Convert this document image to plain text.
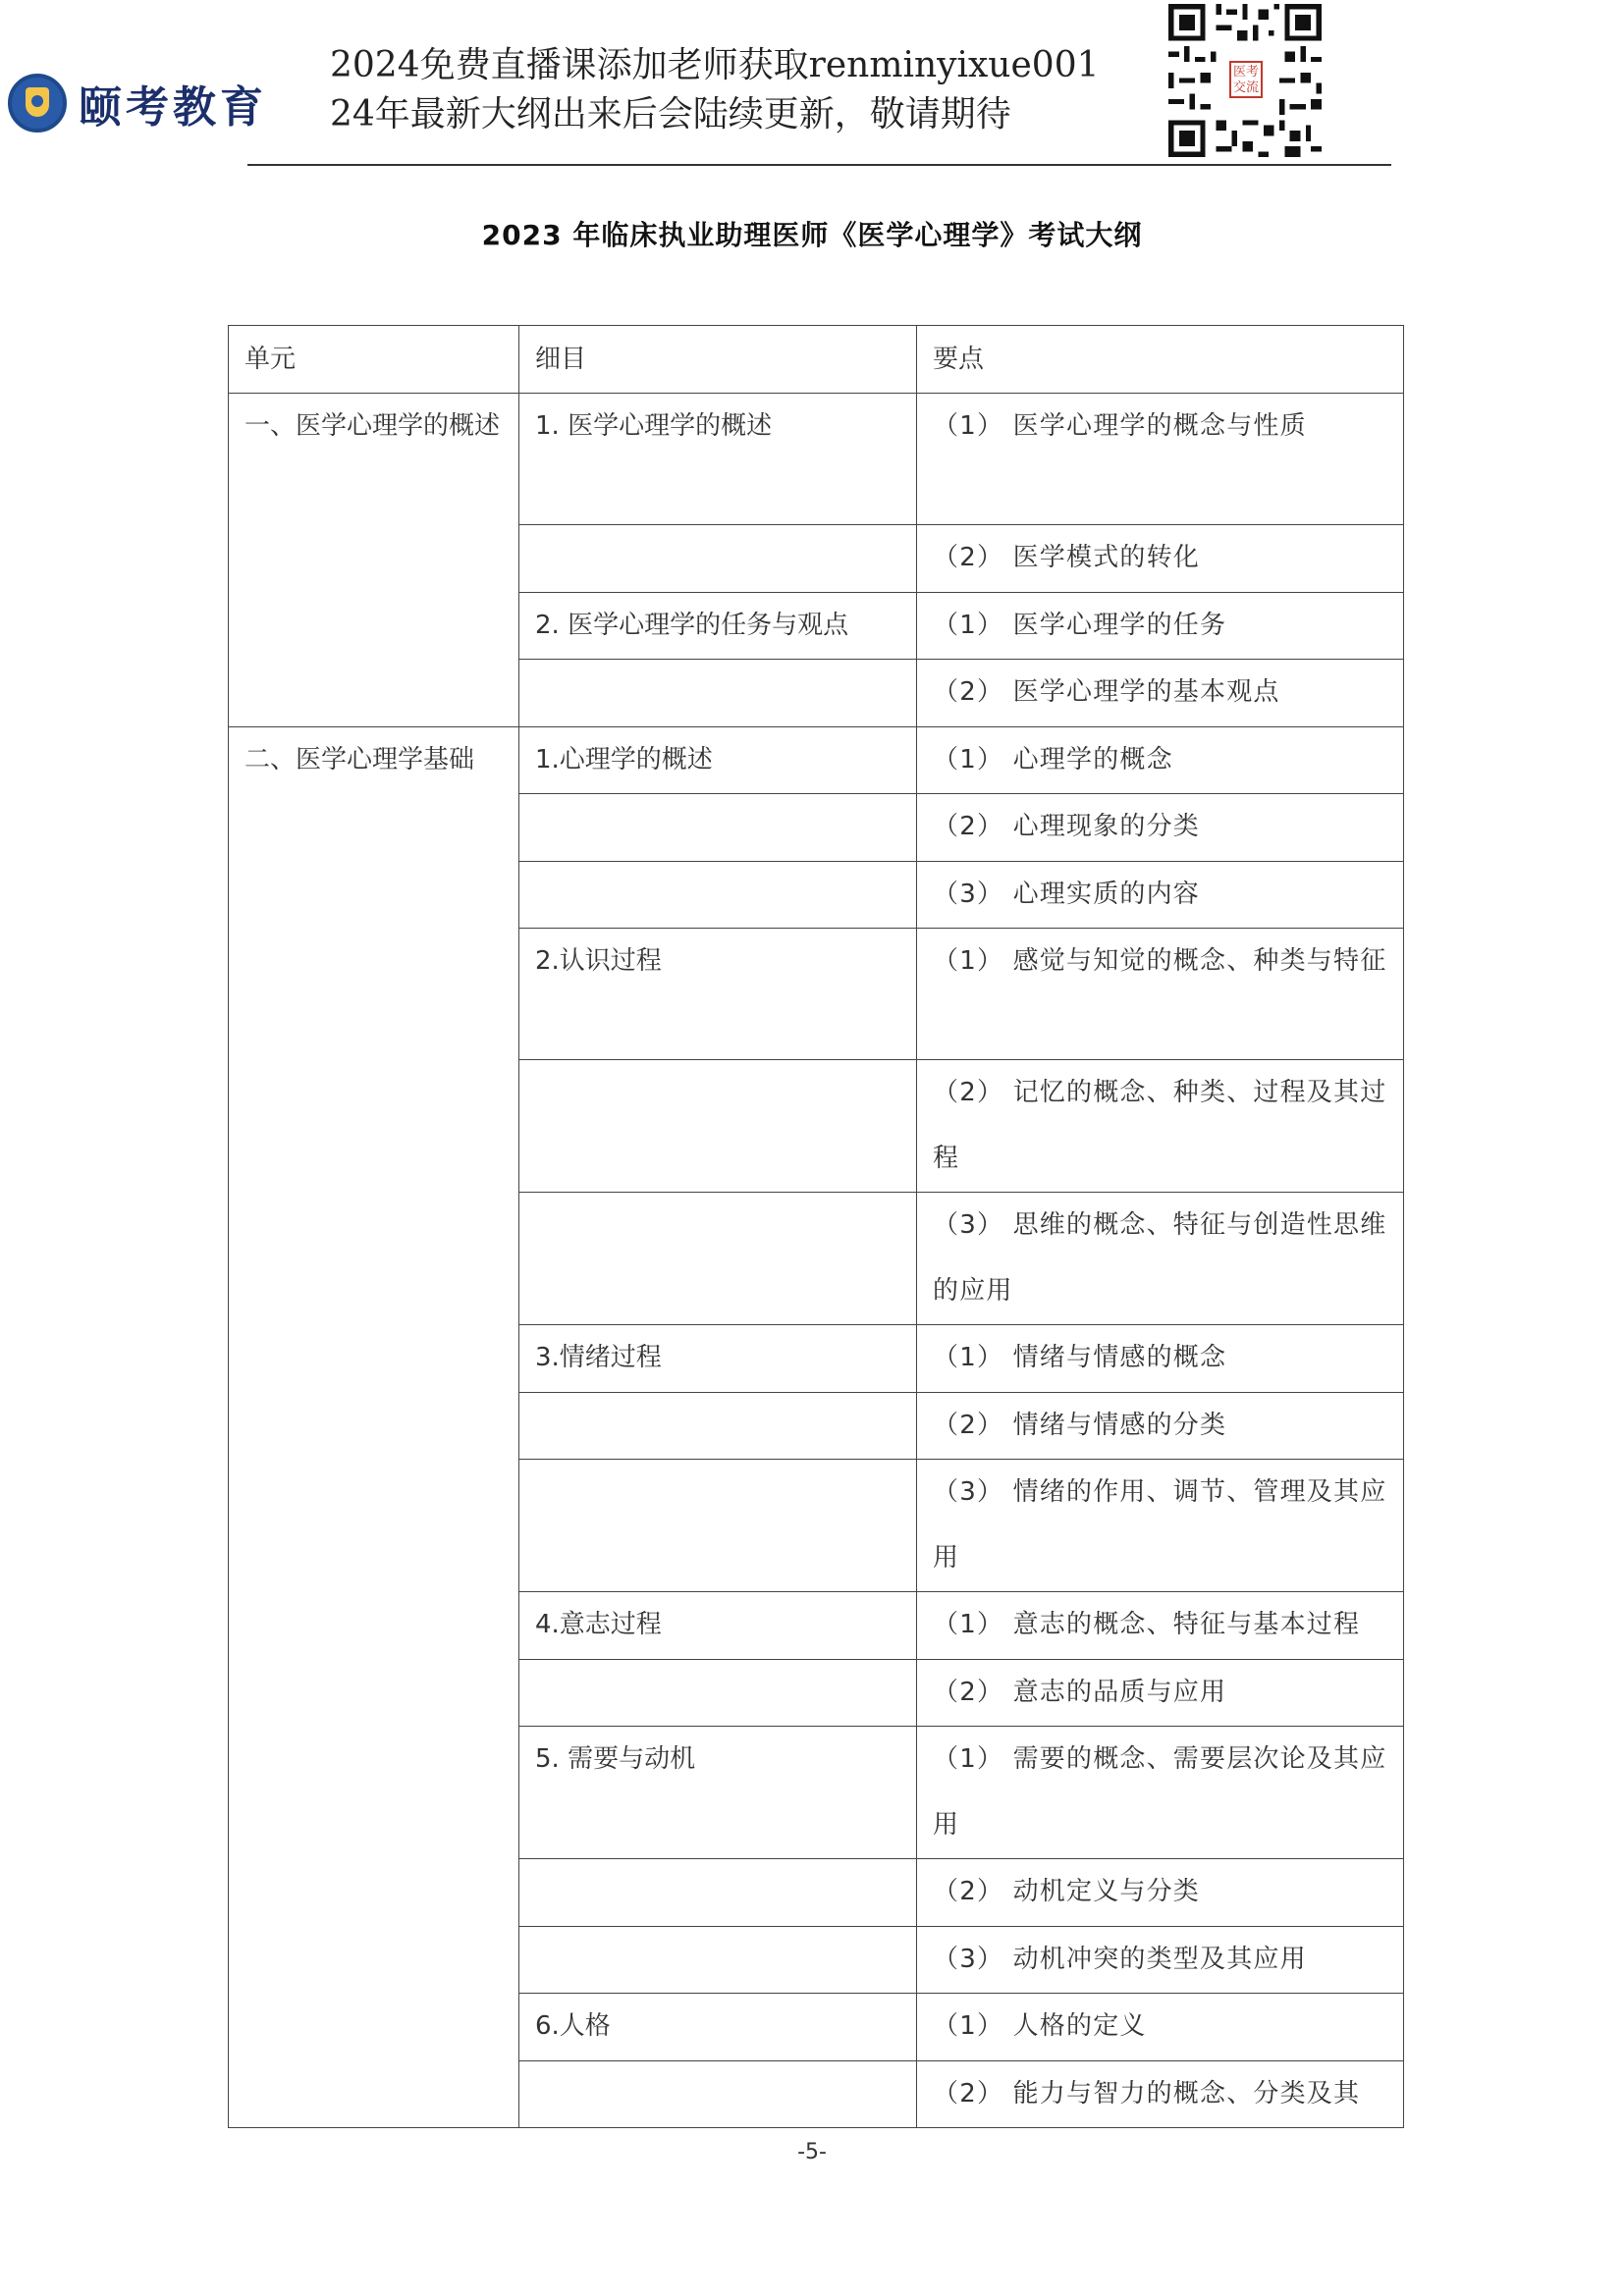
颐考教育
2024免费直播课添加老师获取renminyixue001
24年最新大纲出来后会陆续更新，敬请期待
医考
交流
2023 年临床执业助理医师《医学心理学》考试大纲
单元	细目	要点
一、医学心理学的概述	1. 医学心理学的概述	（1） 医学心理学的概念与性质
		（2） 医学模式的转化
	2. 医学心理学的任务与观点	（1） 医学心理学的任务
		（2） 医学心理学的基本观点
二、医学心理学基础	1.心理学的概述	（1） 心理学的概念
		（2） 心理现象的分类
		（3） 心理实质的内容
	2.认识过程	（1） 感觉与知觉的概念、种类与特征
		（2） 记忆的概念、种类、过程及其过程
		（3） 思维的概念、特征与创造性思维的应用
	3.情绪过程	（1） 情绪与情感的概念
		（2） 情绪与情感的分类
		（3） 情绪的作用、调节、管理及其应用
	4.意志过程	（1） 意志的概念、特征与基本过程
		（2） 意志的品质与应用
	5. 需要与动机	（1） 需要的概念、需要层次论及其应用
		（2） 动机定义与分类
		（3） 动机冲突的类型及其应用
	6.人格	（1） 人格的定义
		（2） 能力与智力的概念、分类及其
-5-
